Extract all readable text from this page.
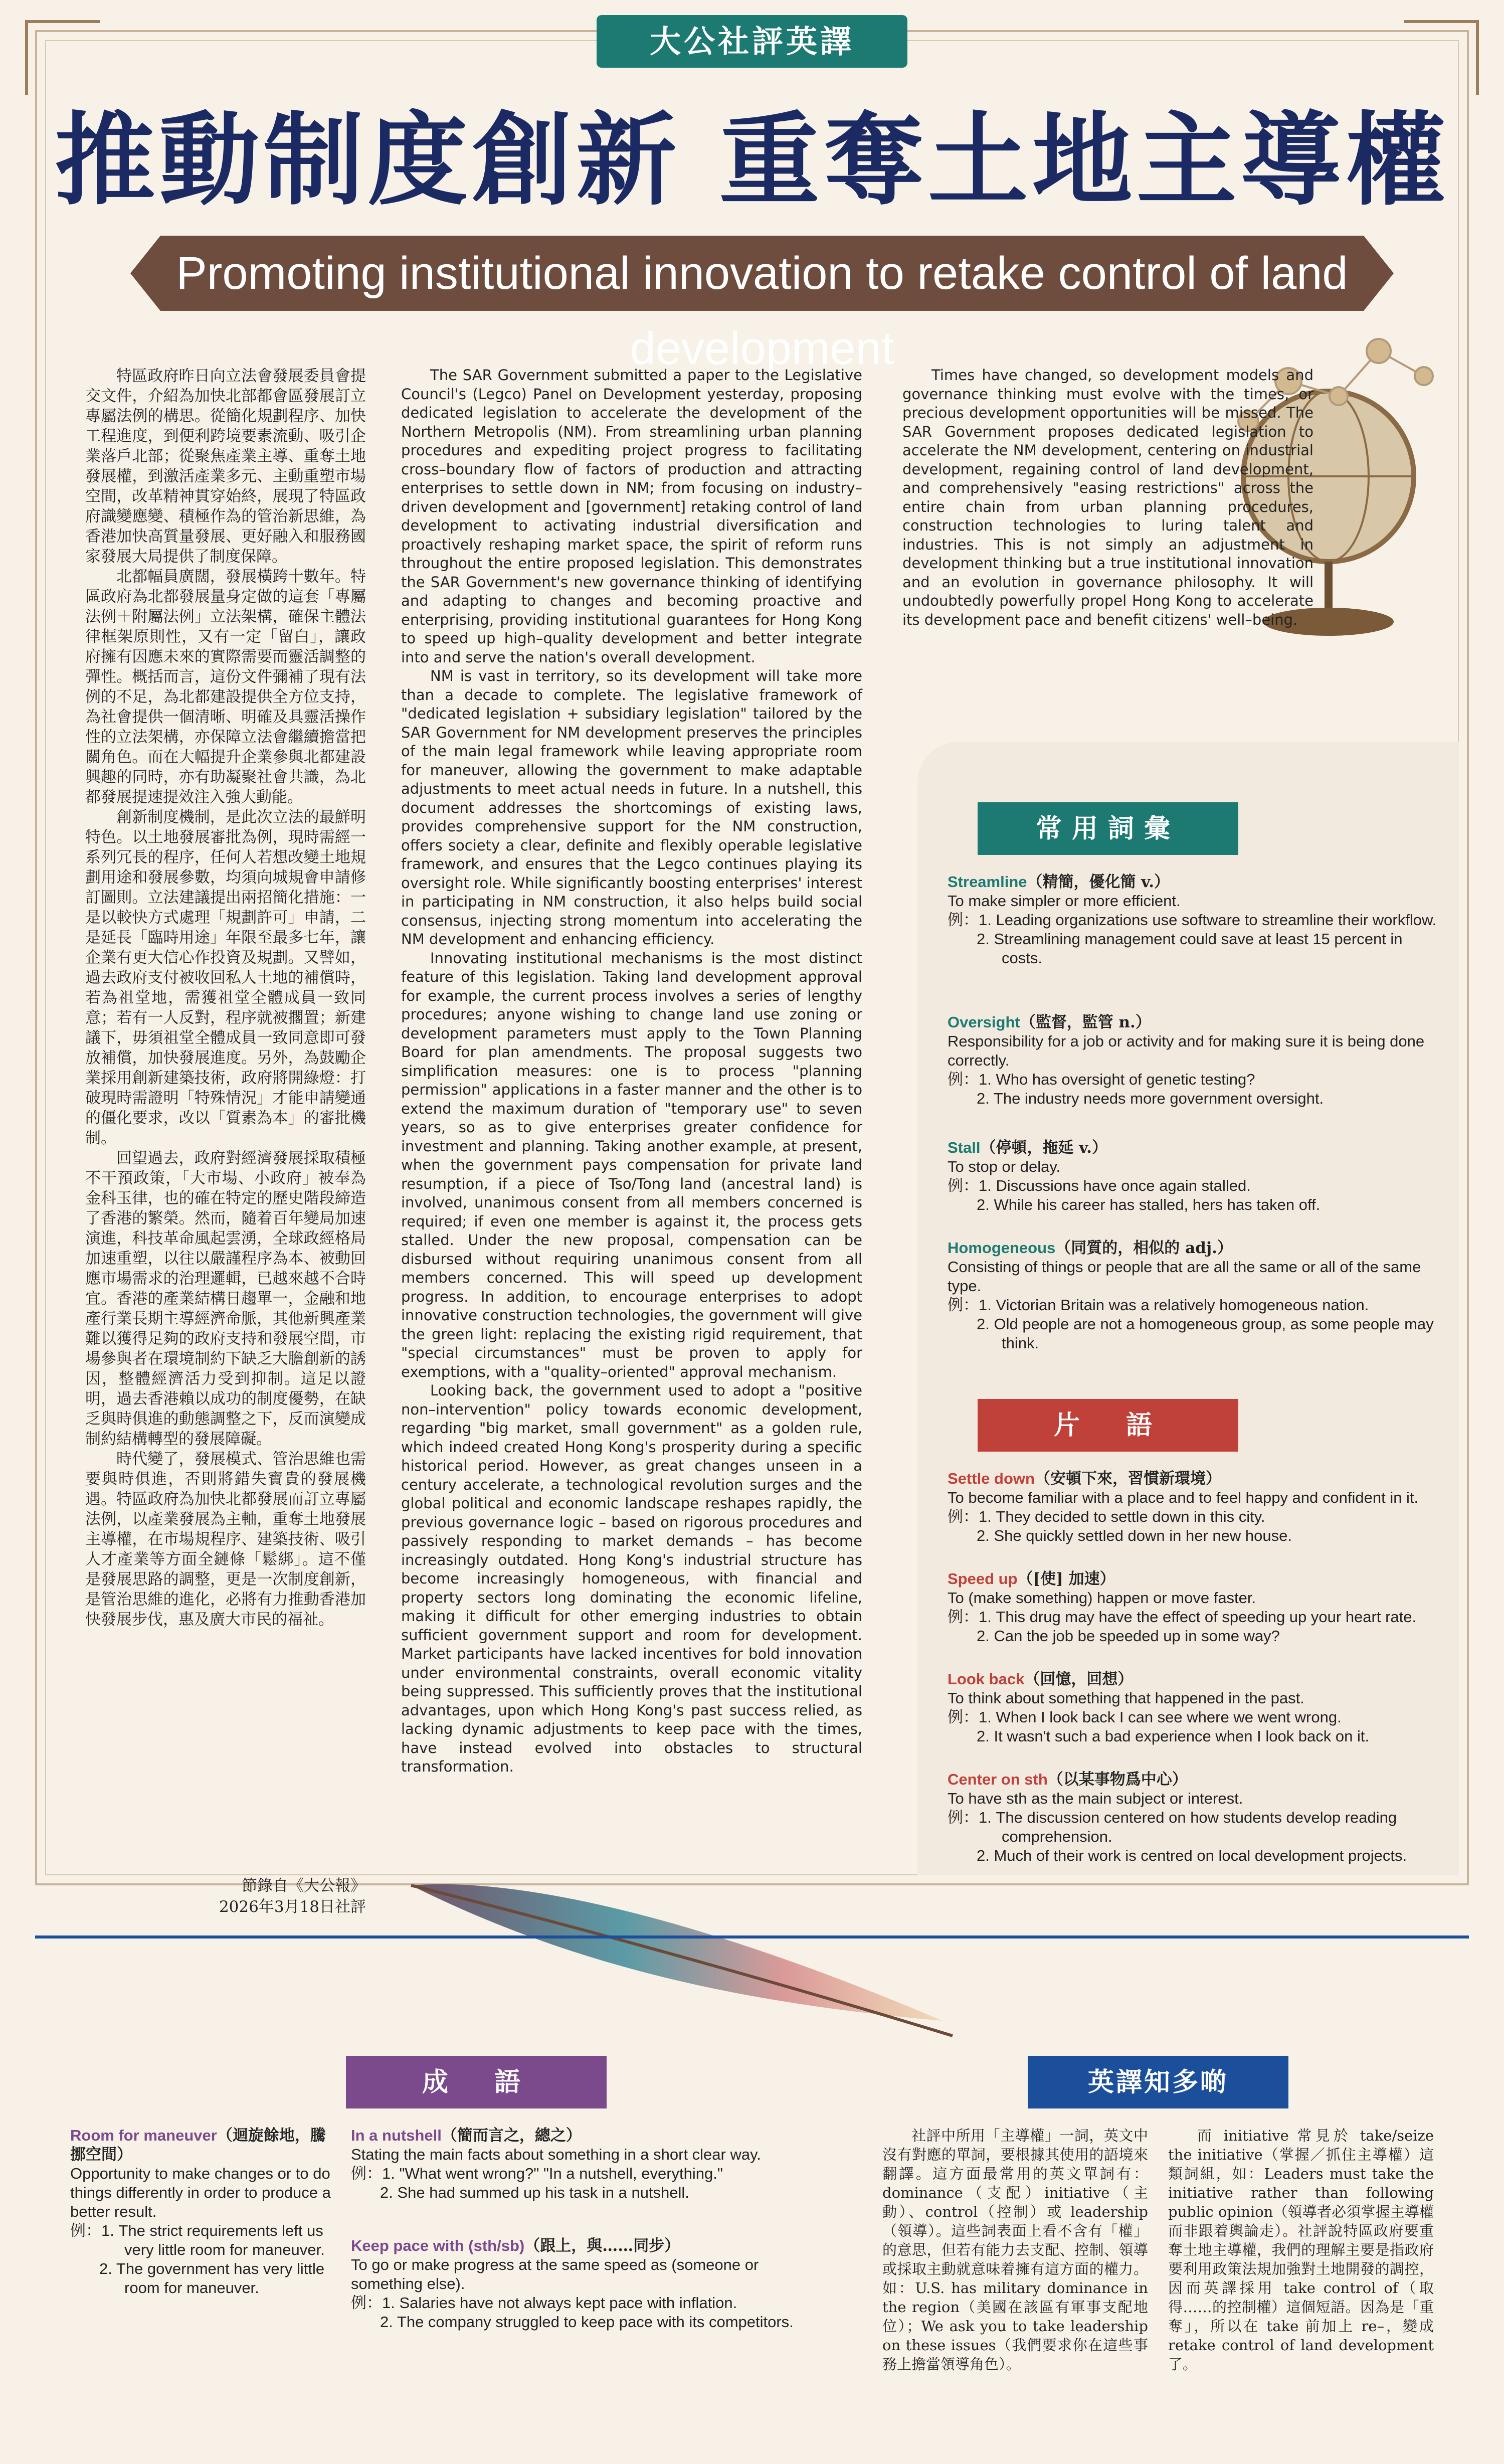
大公社評英譯
推動制度創新 重奪土地主導權
Promoting institutional innovation to retake control of land development

特區政府昨日向立法會發展委員會提交文件，介紹為加快北部都會區發展訂立專屬法例的構思。從簡化規劃程序、加快工程進度，到便利跨境要素流動、吸引企業落戶北部；從聚焦產業主導、重奪土地發展權，到激活產業多元、主動重塑市場空間，改革精神貫穿始終，展現了特區政府識變應變、積極作為的管治新思維，為香港加快高質量發展、更好融入和服務國家發展大局提供了制度保障。

北都幅員廣闊，發展橫跨十數年。特區政府為北都發展量身定做的這套「專屬法例＋附屬法例」立法架構，確保主體法律框架原則性，又有一定「留白」，讓政府擁有因應未來的實際需要而靈活調整的彈性。概括而言，這份文件彌補了現有法例的不足，為北都建設提供全方位支持，為社會提供一個清晰、明確及具靈活操作性的立法架構，亦保障立法會繼續擔當把關角色。而在大幅提升企業參與北都建設興趣的同時，亦有助凝聚社會共識，為北都發展提速提效注入強大動能。

創新制度機制，是此次立法的最鮮明特色。以土地發展審批為例，現時需經一系列冗長的程序，任何人若想改變土地規劃用途和發展參數，均須向城規會申請修訂圖則。立法建議提出兩招簡化措施：一是以較快方式處理「規劃許可」申請，二是延長「臨時用途」年限至最多七年，讓企業有更大信心作投資及規劃。又譬如，過去政府支付被收回私人土地的補償時，若為祖堂地，需獲祖堂全體成員一致同意；若有一人反對，程序就被擱置；新建議下，毋須祖堂全體成員一致同意即可發放補償，加快發展進度。另外，為鼓勵企業採用創新建築技術，政府將開綠燈：打破現時需證明「特殊情況」才能申請變通的僵化要求，改以「質素為本」的審批機制。

回望過去，政府對經濟發展採取積極不干預政策，「大市場、小政府」被奉為金科玉律，也的確在特定的歷史階段締造了香港的繁榮。然而，隨着百年變局加速演進，科技革命風起雲湧，全球政經格局加速重塑，以往以嚴謹程序為本、被動回應市場需求的治理邏輯，已越來越不合時宜。香港的產業結構日趨單一，金融和地產行業長期主導經濟命脈，其他新興產業難以獲得足夠的政府支持和發展空間，市場參與者在環境制約下缺乏大膽創新的誘因，整體經濟活力受到抑制。這足以證明，過去香港賴以成功的制度優勢，在缺乏與時俱進的動態調整之下，反而演變成制約結構轉型的發展障礙。

時代變了，發展模式、管治思維也需要與時俱進，否則將錯失寶貴的發展機遇。特區政府為加快北都發展而訂立專屬法例，以產業發展為主軸，重奪土地發展主導權，在市場規程序、建築技術、吸引人才產業等方面全鏈條「鬆綁」。這不僅是發展思路的調整，更是一次制度創新，是管治思維的進化，必將有力推動香港加快發展步伐，惠及廣大市民的福祉。

節錄自《大公報》
2026年3月18日社評

The SAR Government submitted a paper to the Legislative Council's (Legco) Panel on Development yesterday, proposing dedicated legislation to accelerate the development of the Northern Metropolis (NM). From streamlining urban planning procedures and expediting project progress to facilitating cross–boundary flow of factors of production and attracting enterprises to settle down in NM; from focusing on industry–driven development and [government] retaking control of land development to activating industrial diversification and proactively reshaping market space, the spirit of reform runs throughout the entire proposed legislation. This demonstrates the SAR Government's new governance thinking of identifying and adapting to changes and becoming proactive and enterprising, providing institutional guarantees for Hong Kong to speed up high–quality development and better integrate into and serve the nation's overall development.

NM is vast in territory, so its development will take more than a decade to complete. The legislative framework of "dedicated legislation + subsidiary legislation" tailored by the SAR Government for NM development preserves the principles of the main legal framework while leaving appropriate room for maneuver, allowing the government to make adaptable adjustments to meet actual needs in future. In a nutshell, this document addresses the shortcomings of existing laws, provides comprehensive support for the NM construction, offers society a clear, definite and flexibly operable legislative framework, and ensures that the Legco continues playing its oversight role. While significantly boosting enterprises' interest in participating in NM construction, it also helps build social consensus, injecting strong momentum into accelerating the NM development and enhancing efficiency.

Innovating institutional mechanisms is the most distinct feature of this legislation. Taking land development approval for example, the current process involves a series of lengthy procedures; anyone wishing to change land use zoning or development parameters must apply to the Town Planning Board for plan amendments. The proposal suggests two simplification measures: one is to process "planning permission" applications in a faster manner and the other is to extend the maximum duration of "temporary use" to seven years, so as to give enterprises greater confidence for investment and planning. Taking another example, at present, when the government pays compensation for private land resumption, if a piece of Tso/Tong land (ancestral land) is involved, unanimous consent from all members concerned is required; if even one member is against it, the process gets stalled. Under the new proposal, compensation can be disbursed without requiring unanimous consent from all members concerned. This will speed up development progress. In addition, to encourage enterprises to adopt innovative construction technologies, the government will give the green light: replacing the existing rigid requirement, that "special circumstances" must be proven to apply for exemptions, with a "quality–oriented" approval mechanism.

Looking back, the government used to adopt a "positive non–intervention" policy towards economic development, regarding "big market, small government" as a golden rule, which indeed created Hong Kong's prosperity during a specific historical period. However, as great changes unseen in a century accelerate, a technological revolution surges and the global political and economic landscape reshapes rapidly, the previous governance logic – based on rigorous procedures and passively responding to market demands – has become increasingly outdated. Hong Kong's industrial structure has become increasingly homogeneous, with financial and property sectors long dominating the economic lifeline, making it difficult for other emerging industries to obtain sufficient government support and room for development. Market participants have lacked incentives for bold innovation under environmental constraints, overall economic vitality being suppressed. This sufficiently proves that the institutional advantages, upon which Hong Kong's past success relied, as lacking dynamic adjustments to keep pace with the times, have instead evolved into obstacles to structural transformation.

Times have changed, so development models and governance thinking must evolve with the times, or precious development opportunities will be missed. The SAR Government proposes dedicated legislation to accelerate the NM development, centering on industrial development, regaining control of land development, and comprehensively "easing restrictions" across the entire chain from urban planning procedures, construction technologies to luring talent and industries. This is not simply an adjustment in development thinking but a true institutional innovation and an evolution in governance philosophy. It will undoubtedly powerfully propel Hong Kong to accelerate its development pace and benefit citizens' well–being.

常用詞彙
Streamline（精簡，優化簡 v.）
To make simpler or more efficient.
例：1. Leading organizations use software to streamline their workflow.
2. Streamlining management could save at least 15 percent in costs.
Oversight（監督，監管 n.）
Responsibility for a job or activity and for making sure it is being done correctly.
例：1. Who has oversight of genetic testing?
2. The industry needs more government oversight.
Stall（停頓，拖延 v.）
To stop or delay.
例：1. Discussions have once again stalled.
2. While his career has stalled, hers has taken off.
Homogeneous（同質的，相似的 adj.）
Consisting of things or people that are all the same or all of the same type.
例：1. Victorian Britain was a relatively homogeneous nation.
2. Old people are not a homogeneous group, as some people may think.
片　語
Settle down（安頓下來，習慣新環境）
To become familiar with a place and to feel happy and confident in it.
例：1. They decided to settle down in this city.
2. She quickly settled down in her new house.
Speed up（[使] 加速）
To (make something) happen or move faster.
例：1. This drug may have the effect of speeding up your heart rate.
2. Can the job be speeded up in some way?
Look back（回憶，回想）
To think about something that happened in the past.
例：1. When I look back I can see where we went wrong.
2. It wasn't such a bad experience when I look back on it.
Center on sth（以某事物爲中心）
To have sth as the main subject or interest.
例：1. The discussion centered on how students develop reading comprehension.
2. Much of their work is centred on local development projects.
成　語	英譯知多啲
Room for maneuver（迴旋餘地，騰挪空間）
Opportunity to make changes or to do things differently in order to produce a better result.
例：1. The strict requirements left us very little room for maneuver.
2. The government has very little room for maneuver.
In a nutshell（簡而言之，總之）
Stating the main facts about something in a short clear way.
例：1. "What went wrong?" "In a nutshell, everything."
2. She had summed up his task in a nutshell.
Keep pace with (sth/sb)（跟上，與……同步）
To go or make progress at the same speed as (someone or something else).
例：1. Salaries have not always kept pace with inflation.
2. The company struggled to keep pace with its competitors.

社評中所用「主導權」一詞，英文中沒有對應的單詞，要根據其使用的語境來翻譯。這方面最常用的英文單詞有：dominance（支配）initiative（主動）、control（控制）或 leadership（領導）。這些詞表面上看不含有「權」的意思，但若有能力去支配、控制、領導或採取主動就意味着擁有這方面的權力。如：U.S. has military dominance in the region（美國在該區有軍事支配地位）；We ask you to take leadership on these issues（我們要求你在這些事務上擔當領導角色）。

而 initiative 常見於 take/seize the initiative（掌握／抓住主導權）這類詞組，如：Leaders must take the initiative rather than following public opinion（領導者必須掌握主導權而非跟着輿論走）。社評說特區政府要重奪土地主導權，我們的理解主要是指政府要利用政策法規加強對土地開發的調控，因而英譯採用 take control of（取得……的控制權）這個短語。因為是「重奪」，所以在 take 前加上 re–，變成 retake control of land development 了。
